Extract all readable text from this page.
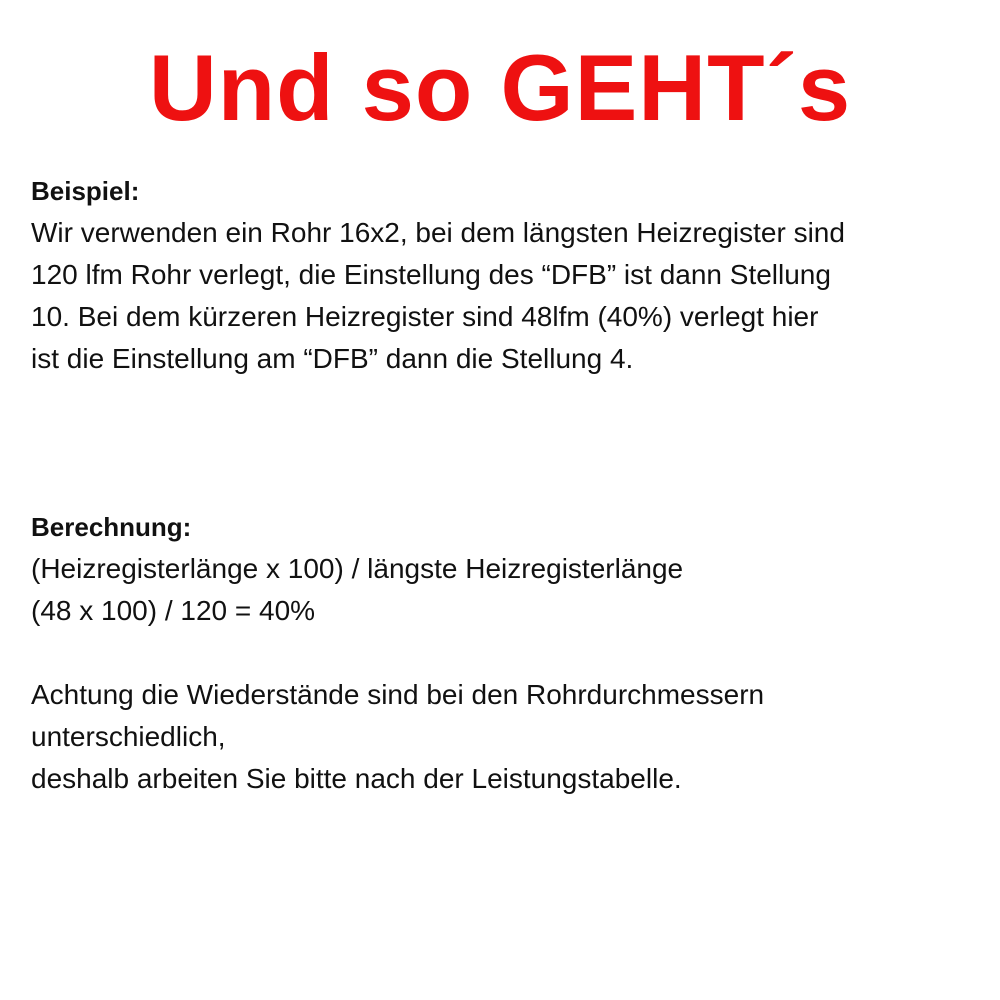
Und so GEHT´s
Beispiel:
Wir verwenden ein Rohr 16x2, bei dem längsten Heizregister sind
120 lfm Rohr verlegt, die Einstellung des “DFB” ist dann Stellung
10. Bei dem kürzeren Heizregister sind 48lfm (40%) verlegt hier
ist die Einstellung am “DFB” dann die Stellung 4.
Berechnung:
(Heizregisterlänge x 100) / längste Heizregisterlänge
(48 x 100) / 120 = 40%
Achtung die Wiederstände sind bei den Rohrdurchmessern
unterschiedlich,
deshalb arbeiten Sie bitte nach der Leistungstabelle.
